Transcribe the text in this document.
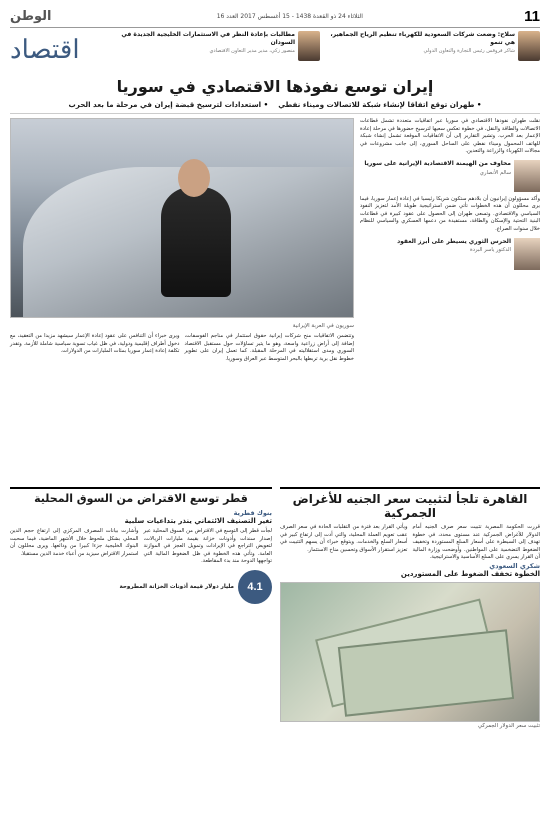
11
الثلاثاء 24 ذو القعدة 1438 - 15 أغسطس 2017 العدد 16
الوطن
سلاح: وضعت شركات السعودية للكهرباء تنظيم الرياح الجماهير، هي تنمو
شاكر فروقس رئيس التجارة والتعاون الدولي
مطالبات بإعادة النظر في الاستثمارات الخليجية الجديدة في السودان
منصور زكي، مدير مدير التعاون الاقتصادي
اقتصاد
إيران توسع نفوذها الاقتصادي في سوريا
• طهران توقع اتفاقا لإنشاء شبكة للاتصالات وميناء نفطي
• استعدادات لترسيخ قبضة إيران في مرحلة ما بعد الحرب
نقلت طهران نفوذها الاقتصادي في سوريا عبر اتفاقيات متعددة تشمل قطاعات الاتصالات والطاقة والنقل، في خطوة تعكس سعيها لترسيخ حضورها في مرحلة إعادة الإعمار بعد الحرب. وتشير التقارير إلى أن الاتفاقيات الموقعة تشمل إنشاء شبكة للهاتف المحمول وميناء نفطي على الساحل السوري، إلى جانب مشروعات في مجالات الكهرباء والزراعة والتعدين.
مخاوف من الهيمنة الاقتصادية الإيرانية على سوريا
سالم الأنصاري
وأكد مسؤولون إيرانيون أن بلادهم ستكون شريكا رئيسيا في إعادة إعمار سوريا، فيما يرى محللون أن هذه الخطوات تأتي ضمن استراتيجية طويلة الأمد لتعزيز النفوذ السياسي والاقتصادي. وتسعى طهران إلى الحصول على عقود كبيرة في قطاعات البنية التحتية والإسكان والطاقة، مستفيدة من دعمها العسكري والسياسي للنظام خلال سنوات الصراع.
الحرس الثوري يسيطر على أبرز العقود
الدكتور ياسر البردة
سوريون في العربة الإيرانية
وتتضمن الاتفاقيات منح شركات إيرانية حقوق استثمار في مناجم الفوسفات، إضافة إلى أراض زراعية واسعة، وهو ما يثير تساؤلات حول مستقبل الاقتصاد السوري ومدى استقلاليته في المرحلة المقبلة. كما تعمل إيران على تطوير خطوط نقل برية تربطها بالبحر المتوسط عبر العراق وسوريا.
ويرى خبراء أن التنافس على عقود إعادة الإعمار سيشهد مزيدا من التعقيد، مع دخول أطراف إقليمية ودولية، في ظل غياب تسوية سياسية شاملة للأزمة. وتقدر تكلفة إعادة إعمار سوريا بمئات المليارات من الدولارات.
القاهرة تلجأ لتثبيت سعر الجنيه للأغراض الجمركية
قررت الحكومة المصرية تثبيت سعر صرف الجنيه أمام الدولار للأغراض الجمركية عند مستوى محدد، في خطوة تهدف إلى السيطرة على أسعار السلع المستوردة وتخفيف الضغوط التضخمية على المواطنين. وأوضحت وزارة المالية أن القرار يسري على السلع الأساسية والاستراتيجية.
ويأتي القرار بعد فترة من التقلبات الحادة في سعر الصرف عقب تعويم العملة المحلية، والتي أدت إلى ارتفاع كبير في أسعار السلع والخدمات. ويتوقع خبراء أن يسهم التثبيت في تعزيز استقرار الأسواق وتحسين مناخ الاستثمار.
شكري السعودي
الخطوة تخفف الضغوط على المستوردين
تثبيت سعر الدولار الجمركي
قطر توسع الاقتراض من السوق المحلية
بنوك قطرية
تغير التصنيف الائتماني ينذر بتداعيات سلبية
لجأت قطر إلى التوسع في الاقتراض من السوق المحلية عبر إصدار سندات وأذونات خزانة بقيمة مليارات الريالات، لتعويض التراجع في الإيرادات وتمويل العجز في الموازنة العامة. وتأتي هذه الخطوة في ظل الضغوط المالية التي تواجهها الدوحة منذ بدء المقاطعة.
وأشارت بيانات المصرف المركزي إلى ارتفاع حجم الدين المحلي بشكل ملحوظ خلال الأشهر الماضية، فيما سحبت البنوك الخليجية جزءا كبيرا من ودائعها. ويرى محللون أن استمرار الاقتراض سيزيد من أعباء خدمة الدين مستقبلا.
4.1
مليار دولار قيمة أذونات الخزانة المطروحة
